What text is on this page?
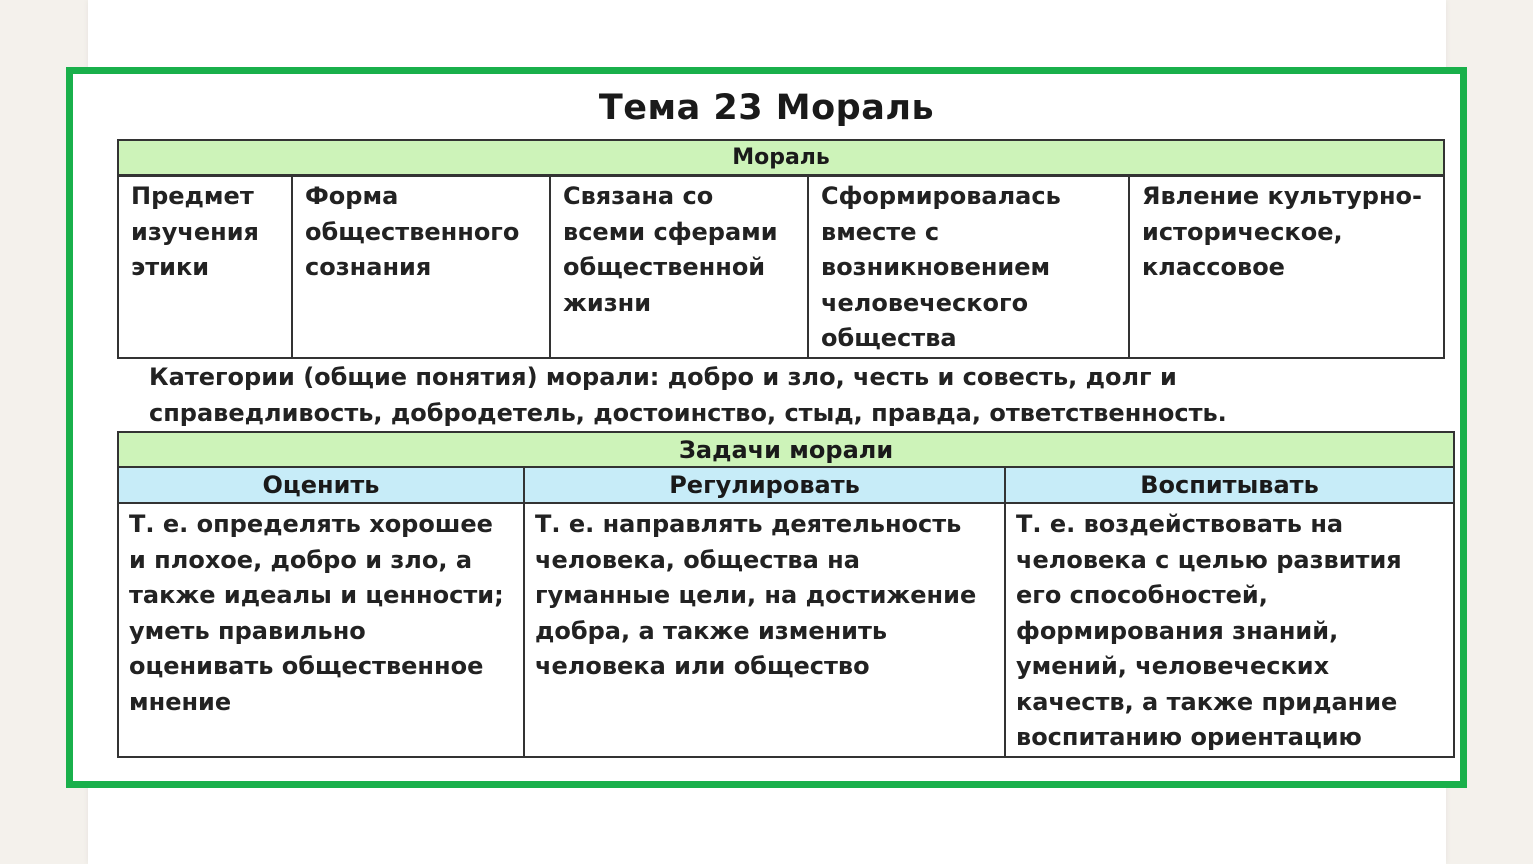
Тема 23 Мораль
Мораль
Предмет изучения этики	Форма общественного сознания	Связана со всеми сферами общественной жизни	Сформировалась вместе с возникновением человеческого общества	Явление культурно-историческое, классовое
Категории (общие понятия) морали: добро и зло, честь и совесть, долг и справедливость, добродетель, достоинство, стыд, правда, ответственность.
Задачи морали		
Оценить	Регулировать	Воспитывать
Т. е. определять хорошее и плохое, добро и зло, а также идеалы и ценности; уметь правильно оценивать общественное мнение	Т. е. направлять деятельность человека, общества на гуманные цели, на достижение добра, а также изменить человека или общество	Т. е. воздействовать на человека с целью развития его способностей, формирования знаний, умений, человеческих качеств, а также придание воспитанию ориентацию
